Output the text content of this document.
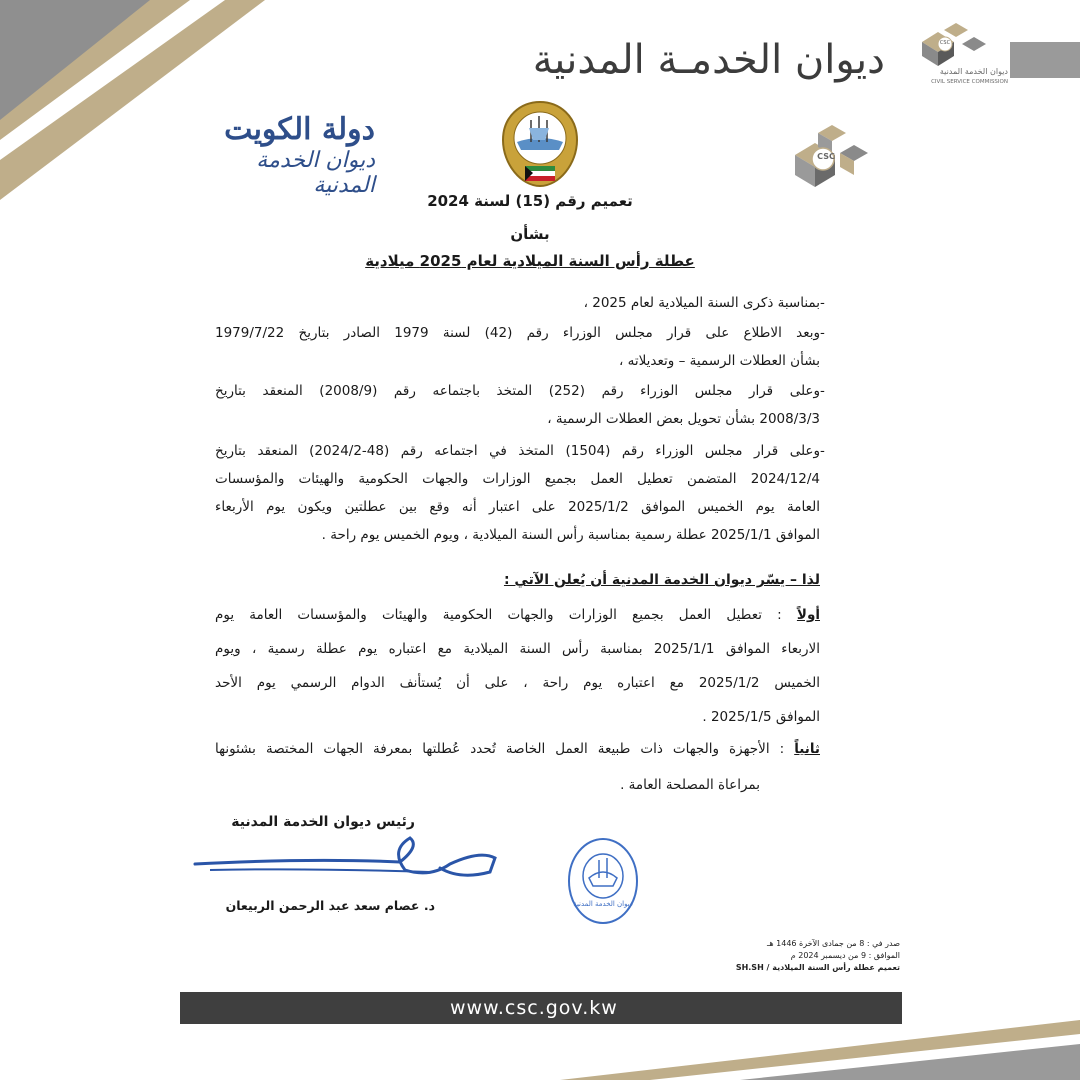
ديوان الخدمـة المدنية	CSC
ديوان الخدمة المدنية
CIVIL SERVICE COMMISSION
CSC
دولة الكويت
ديوان الخدمة المدنية
تعميم رقم (15) لسنة 2024
بشأن
عطلة رأس السنة الميلادية لعام 2025 ميلادية
بمناسبة ذكرى السنة الميلادية لعام 2025 ، -
وبعد الاطلاع على قرار مجلس الوزراء رقم (42) لسنة 1979 الصادر بتاريخ 1979/7/22
بشأن العطلات الرسمية – وتعديلاته ،
-
وعلى قرار مجلس الوزراء رقم (252) المتخذ باجتماعه رقم (2008/9) المنعقد بتاريخ
2008/3/3 بشأن تحويل بعض العطلات الرسمية ،
-
وعلى قرار مجلس الوزراء رقم (1504) المتخذ في اجتماعه رقم (48-2024/2) المنعقد بتاريخ
2024/12/4 المتضمن تعطيل العمل بجميع الوزارات والجهات الحكومية والهيئات والمؤسسات
العامة يوم الخميس الموافق 2025/1/2 على اعتبار أنه وقع بين عطلتين ويكون يوم الأربعاء
الموافق 2025/1/1 عطلة رسمية بمناسبة رأس السنة الميلادية ، ويوم الخميس يوم راحة .
-
لذا – يسّر ديوان الخدمة المدنية أن يُعلن الآتي :
أولاً : تعطيل العمل بجميع الوزارات والجهات الحكومية والهيئات والمؤسسات العامة يوم
الاربعاء الموافق 2025/1/1 بمناسبة رأس السنة الميلادية مع اعتباره يوم عطلة رسمية ، ويوم
الخميس 2025/1/2 مع اعتباره يوم راحة ، على أن يُستأنف الدوام الرسمي يوم الأحد
الموافق 2025/1/5 .
ثانياً : الأجهزة والجهات ذات طبيعة العمل الخاصة تُحدد عُطلتها بمعرفة الجهات المختصة بشئونها
بمراعاة المصلحة العامة .
رئيس ديوان الخدمة المدنية
د. عصام سعد عبد الرحمن الربيعان	ديوان الخدمة المدنية
صدر في : 8 من جمادى الآخرة 1446 هـ
الموافق : 9 من ديسمبر 2024 م
تعميم عطلة رأس السنة الميلادية / SH.SH
www.csc.gov.kw
